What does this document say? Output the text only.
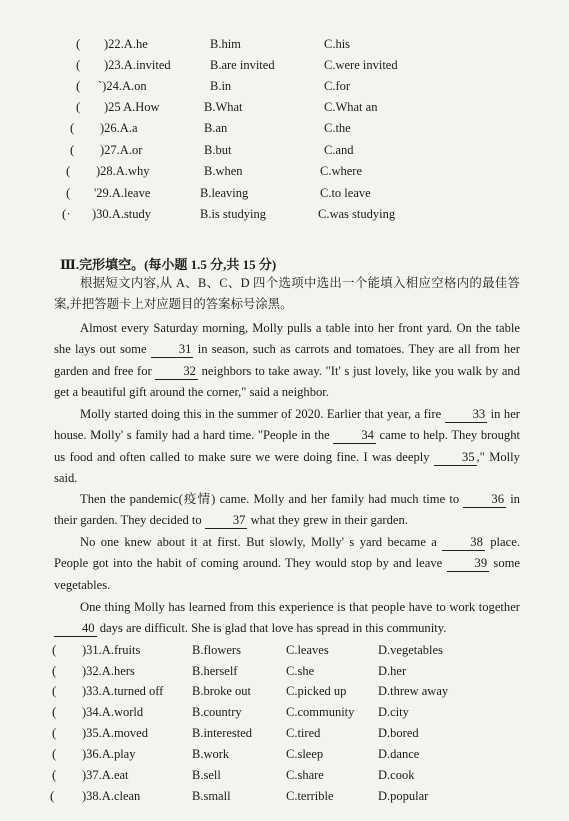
( )22.A.he	B.him	C.his
( )23.A.invited	B.are invited	C.were invited
( `)24.A.on	B.in	C.for
( )25 A.How	B.What	C.What an
( )26.A.a	B.an	C.the
( )27.A.or	B.but	C.and
( )28.A.why	B.when	C.where
( '29.A.leave	B.leaving	C.to leave
(· )30.A.study	B.is studying	C.was studying
Ⅲ.完形填空。(每小题 1.5 分,共 15 分)
根据短文内容,从 A、B、C、D 四个选项中选出一个能填入相应空格内的最佳答案,并把答题卡上对应题目的答案标号涂黑。
Almost every Saturday morning, Molly pulls a table into her front yard. On the table she lays out some 31 in season, such as carrots and tomatoes. They are all from her garden and free for 32 neighbors to take away. "It' s just lovely, like you walk by and get a beautiful gift around the corner," said a neighbor.
Molly started doing this in the summer of 2020. Earlier that year, a fire 33 in her house. Molly' s family had a hard time. "People in the 34 came to help. They brought us food and often called to make sure we were doing fine. I was deeply 35 ," Molly said.
Then the pandemic(疫情) came. Molly and her family had much time to 36 in their garden. They decided to 37 what they grew in their garden.
No one knew about it at first. But slowly, Molly' s yard became a 38 place. People got into the habit of coming around. They would stop by and leave 39 some vegetables.
One thing Molly has learned from this experience is that people have to work together 40 days are difficult. She is glad that love has spread in this community.
( )31.A.fruits	B.flowers	C.leaves	D.vegetables
( )32.A.hers	B.herself	C.she	D.her
( )33.A.turned off B.broke out	C.picked up	D.threw away
( )34.A.world	B.country	C.community D.city
( )35.A.moved	B.interested	C.tired	D.bored
( )36.A.play	B.work	C.sleep	D.dance
( )37.A.eat	B.sell	C.share	D.cook
( )38.A.clean	B.small	C.terrible	D.popular
